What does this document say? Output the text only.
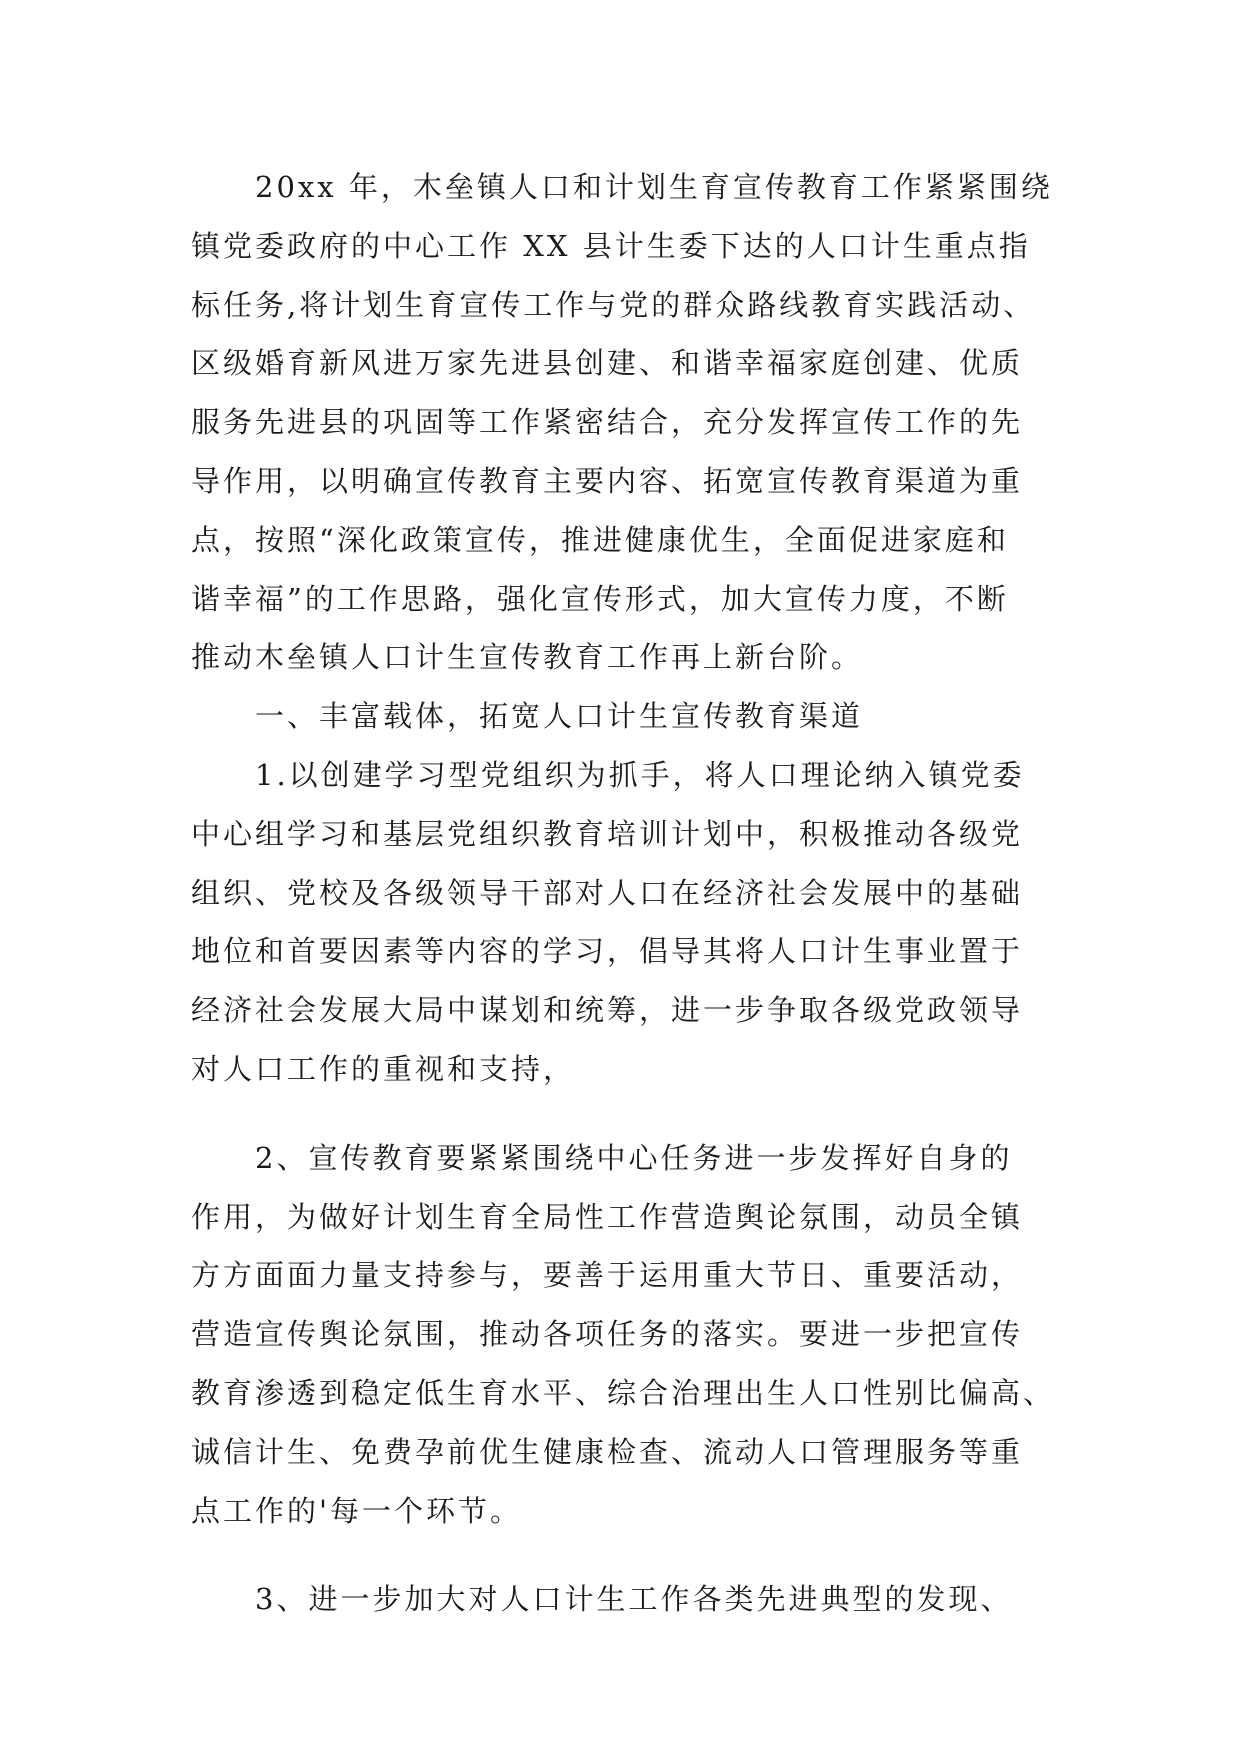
　　20xx 年，木垒镇人口和计划生育宣传教育工作紧紧围绕
镇党委政府的中心工作 XX 县计生委下达的人口计生重点指
标任务,将计划生育宣传工作与党的群众路线教育实践活动、
区级婚育新风进万家先进县创建、和谐幸福家庭创建、优质
服务先进县的巩固等工作紧密结合，充分发挥宣传工作的先
导作用，以明确宣传教育主要内容、拓宽宣传教育渠道为重
点，按照“深化政策宣传，推进健康优生，全面促进家庭和
谐幸福”的工作思路，强化宣传形式，加大宣传力度，不断
推动木垒镇人口计生宣传教育工作再上新台阶。
　　一、丰富载体，拓宽人口计生宣传教育渠道
　　1.以创建学习型党组织为抓手，将人口理论纳入镇党委
中心组学习和基层党组织教育培训计划中，积极推动各级党
组织、党校及各级领导干部对人口在经济社会发展中的基础
地位和首要因素等内容的学习，倡导其将人口计生事业置于
经济社会发展大局中谋划和统筹，进一步争取各级党政领导
对人口工作的重视和支持，
　　2、宣传教育要紧紧围绕中心任务进一步发挥好自身的
作用，为做好计划生育全局性工作营造舆论氛围，动员全镇
方方面面力量支持参与，要善于运用重大节日、重要活动，
营造宣传舆论氛围，推动各项任务的落实。要进一步把宣传
教育渗透到稳定低生育水平、综合治理出生人口性别比偏高、
诚信计生、免费孕前优生健康检查、流动人口管理服务等重
点工作的'每一个环节。
　　3、进一步加大对人口计生工作各类先进典型的发现、
